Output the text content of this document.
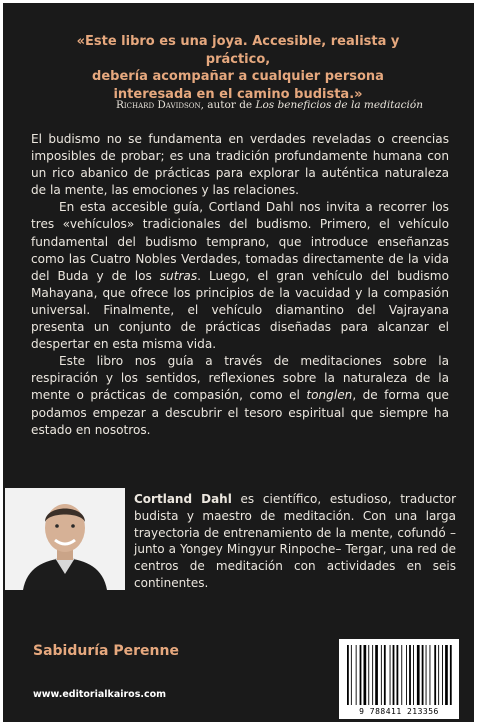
«Este libro es una joya. Accesible, realista y práctico,
debería acompañar a cualquier persona
interesada en el camino budista.»
Richard Davidson, autor de Los beneficios de la meditación

El budismo no se fundamenta en verdades reveladas o creencias imposibles de probar; es una tradición profundamente humana con un rico abanico de prácticas para explorar la auténtica naturaleza de la mente, las emociones y las relaciones.

En esta accesible guía, Cortland Dahl nos invita a recorrer los tres «vehículos» tradicionales del budismo. Primero, el vehículo fundamental del budismo temprano, que introduce enseñanzas como las Cuatro Nobles Verdades, tomadas directamente de la vida del Buda y de los sutras. Luego, el gran vehículo del budismo Mahayana, que ofrece los principios de la vacuidad y la compasión universal. Finalmente, el vehículo diamantino del Vajrayana presenta un conjunto de prácticas diseñadas para alcanzar el despertar en esta misma vida.

Este libro nos guía a través de meditaciones sobre la respiración y los sentidos, reflexiones sobre la naturaleza de la mente o prácticas de compasión, como el tonglen, de forma que podamos empezar a descubrir el tesoro espiritual que siempre ha estado en nosotros.

Cortland Dahl es científico, estudioso, traductor budista y maestro de meditación. Con una larga trayectoria de entrenamiento de la mente, cofundó –junto a Yongey Mingyur Rinpoche– Tergar, una red de centros de meditación con actividades en seis continentes.
Sabiduría Perenne
www.editorialkairos.com
9 788411 213356
